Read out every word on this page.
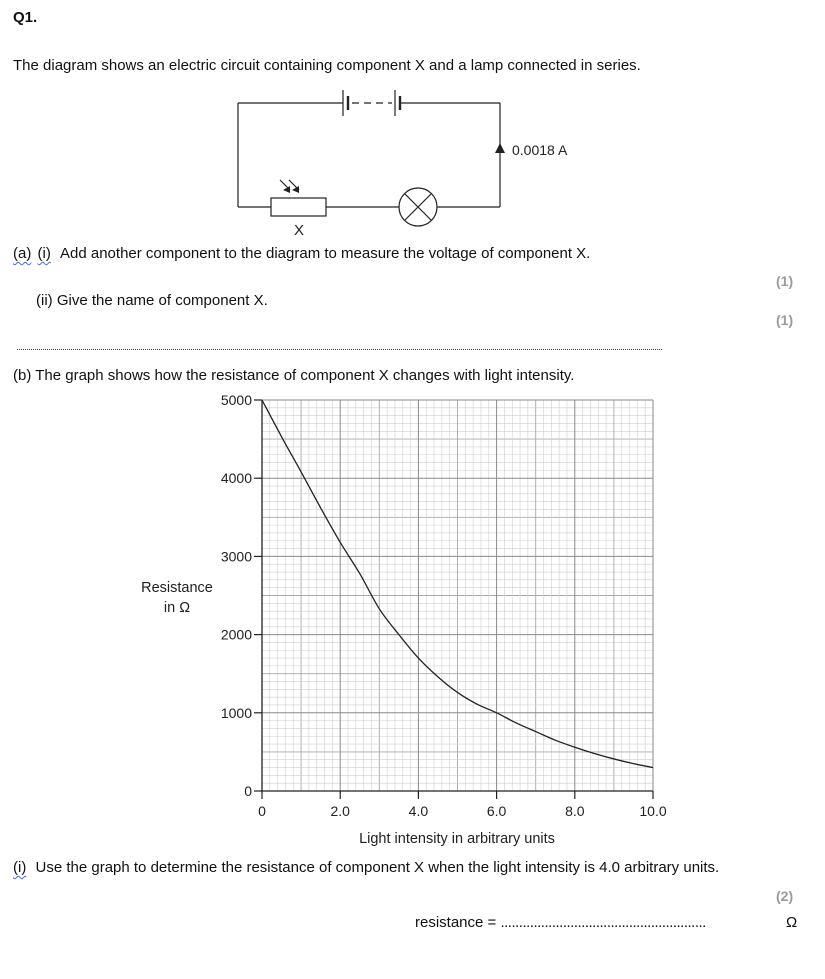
Q1.
The diagram shows an electric circuit containing component X and a lamp connected in series.
0.0018 A
X
(a) (i) Add another component to the diagram to measure the voltage of component X.
(1)
(ii) Give the name of component X.
(1)
(b) The graph shows how the resistance of component X changes with light intensity.
0
1000
2000
3000
4000
5000
0	2.0	4.0	6.0	8.0	10.0
Resistance
in Ω
Light intensity in arbitrary units
(i) Use the graph to determine the resistance of component X when the light intensity is 4.0 arbitrary units.
(2)
resistance = ........................................................	Ω
